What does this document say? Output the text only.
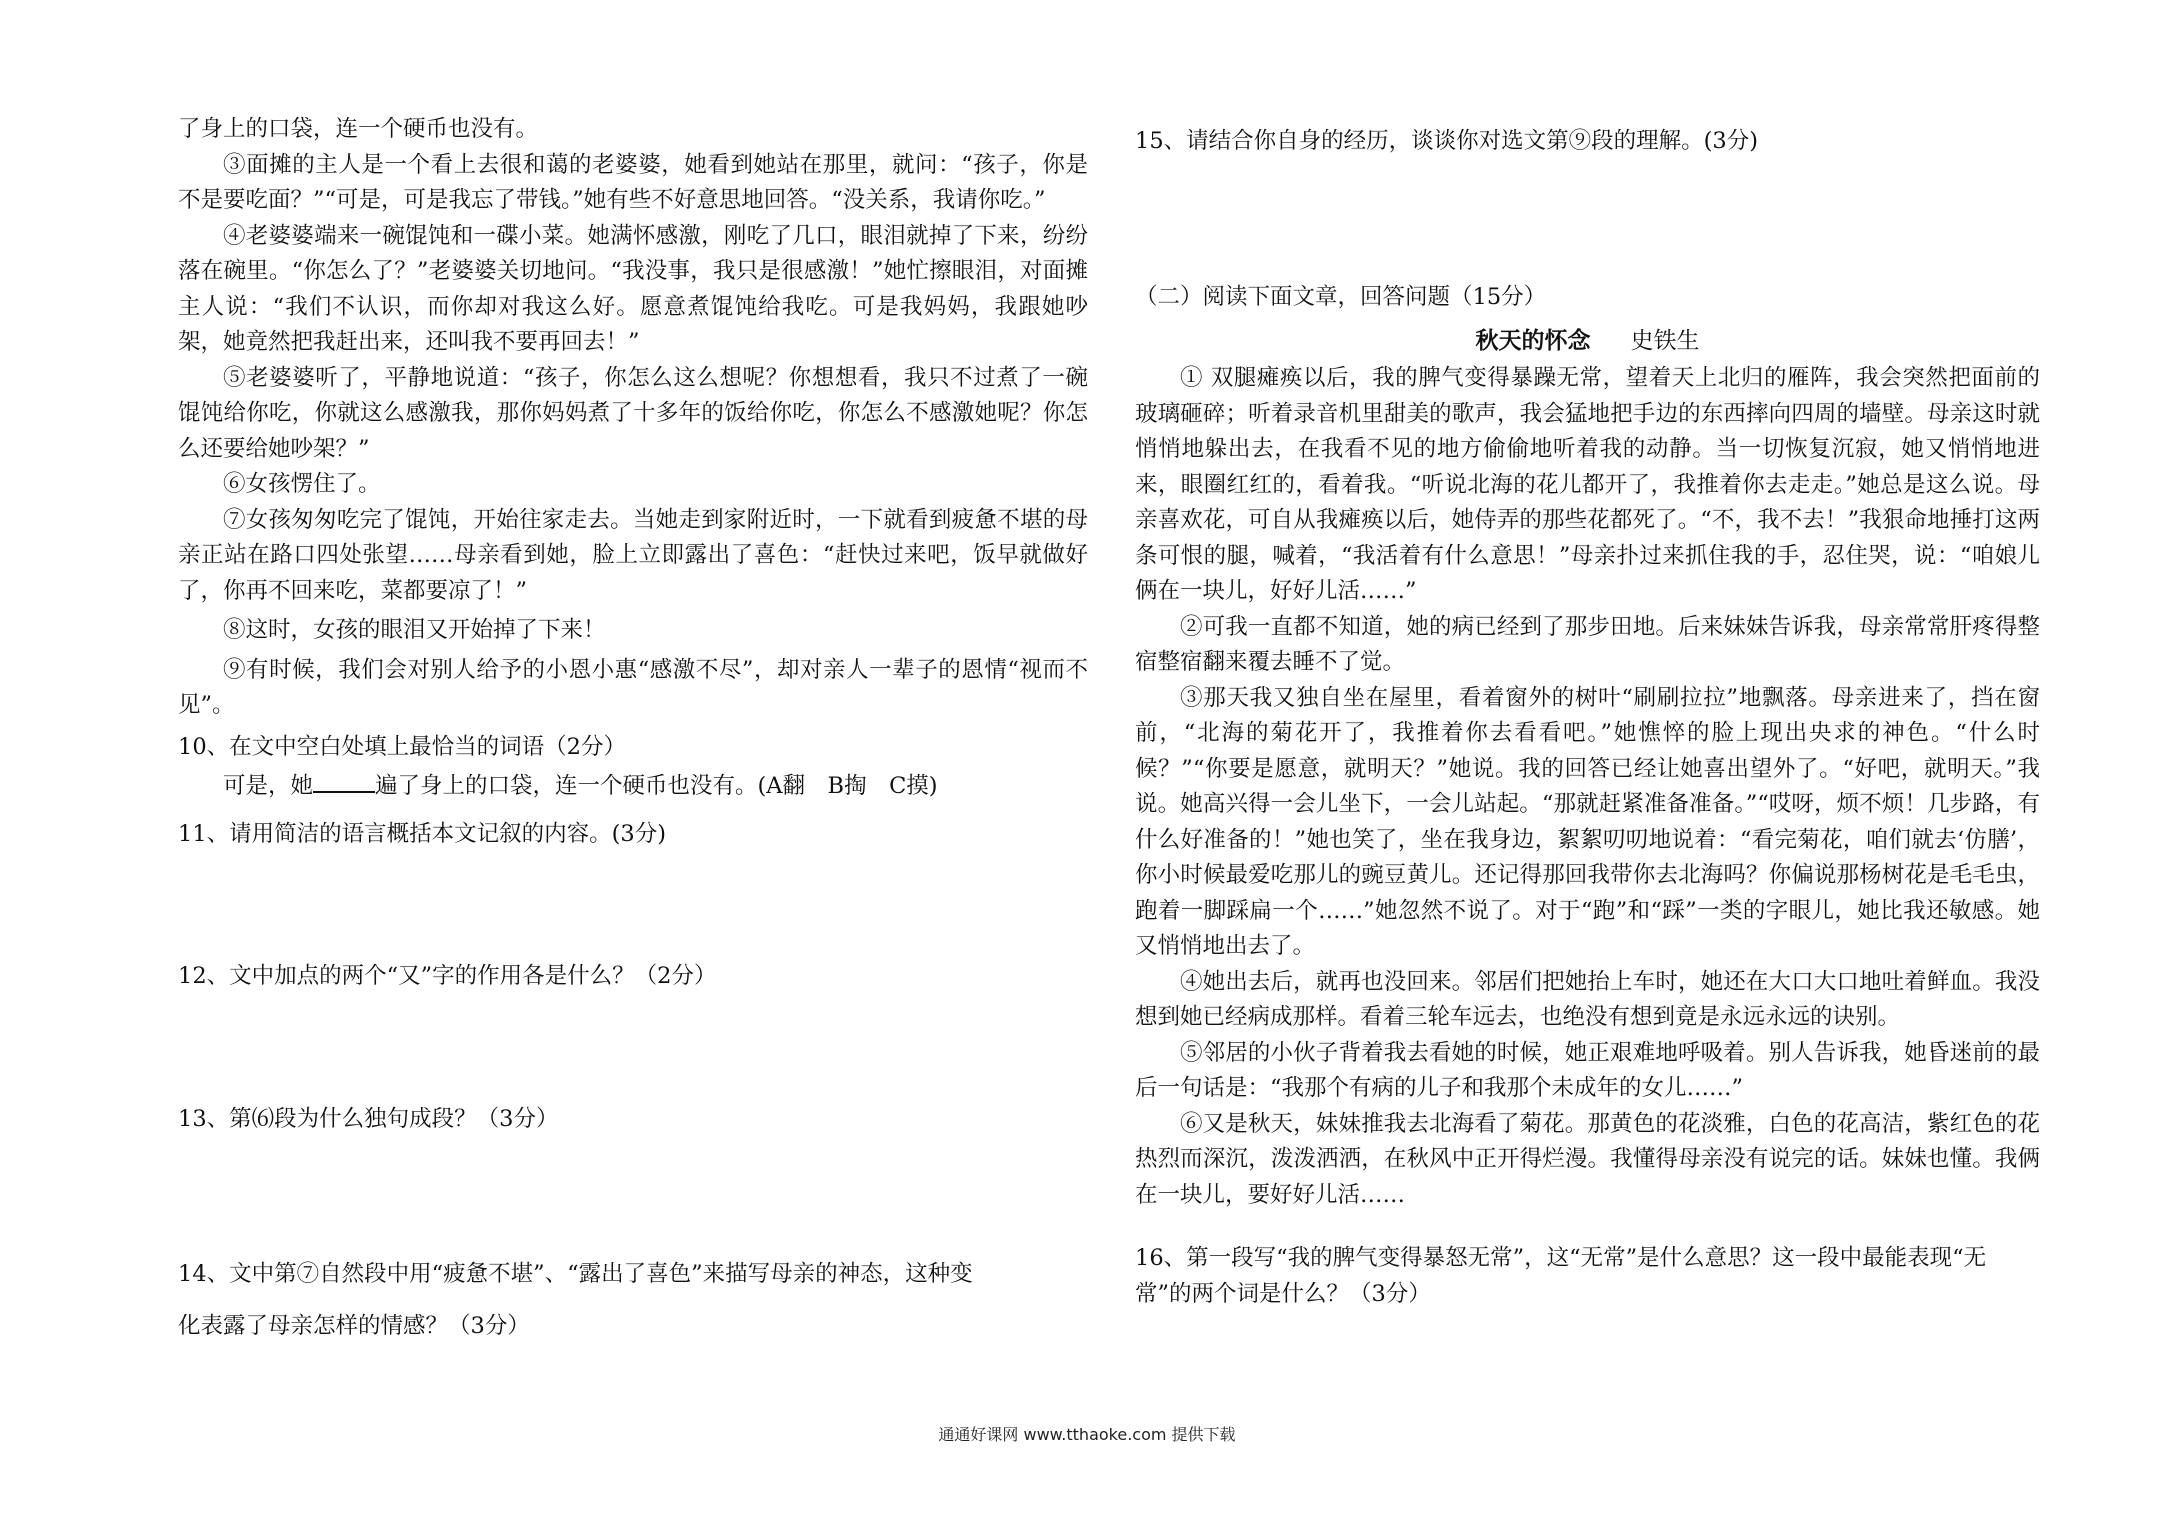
了身上的口袋，连一个硬币也没有。

③面摊的主人是一个看上去很和蔼的老婆婆，她看到她站在那里，就问：“孩子，你是不是要吃面？”“可是，可是我忘了带钱。”她有些不好意思地回答。“没关系，我请你吃。”

④老婆婆端来一碗馄饨和一碟小菜。她满怀感激，刚吃了几口，眼泪就掉了下来，纷纷落在碗里。“你怎么了？”老婆婆关切地问。“我没事，我只是很感激！”她忙擦眼泪，对面摊主人说：“我们不认识，而你却对我这么好。愿意煮馄饨给我吃。可是我妈妈，我跟她吵架，她竟然把我赶出来，还叫我不要再回去！”

⑤老婆婆听了，平静地说道：“孩子，你怎么这么想呢？你想想看，我只不过煮了一碗馄饨给你吃，你就这么感激我，那你妈妈煮了十多年的饭给你吃，你怎么不感激她呢？你怎么还要给她吵架？”

⑥女孩愣住了。

⑦女孩匆匆吃完了馄饨，开始往家走去。当她走到家附近时，一下就看到疲惫不堪的母亲正站在路口四处张望……母亲看到她，脸上立即露出了喜色：“赶快过来吧，饭早就做好了，你再不回来吃，菜都要凉了！”

⑧这时，女孩的眼泪又开始掉了下来！

⑨有时候，我们会对别人给予的小恩小惠“感激不尽”，却对亲人一辈子的恩情“视而不见”。

10、在文中空白处填上最恰当的词语（2分）

可是，她	遍了身上的口袋，连一个硬币也没有。(A翻　B掏　C摸)

11、请用简洁的语言概括本文记叙的内容。(3分)

12、文中加点的两个“又”字的作用各是什么？（2分）

13、第⑹段为什么独句成段？（3分）

14、文中第⑦自然段中用“疲惫不堪”、“露出了喜色”来描写母亲的神态，这种变

化表露了母亲怎样的情感？（3分）

15、请结合你自身的经历，谈谈你对选文第⑨段的理解。(3分)

（二）阅读下面文章，回答问题（15分）

秋天的怀念 史铁生

① 双腿瘫痪以后，我的脾气变得暴躁无常，望着天上北归的雁阵，我会突然把面前的玻璃砸碎；听着录音机里甜美的歌声，我会猛地把手边的东西摔向四周的墙壁。母亲这时就悄悄地躲出去，在我看不见的地方偷偷地听着我的动静。当一切恢复沉寂，她又悄悄地进来，眼圈红红的，看着我。“听说北海的花儿都开了，我推着你去走走。”她总是这么说。母亲喜欢花，可自从我瘫痪以后，她侍弄的那些花都死了。“不，我不去！”我狠命地捶打这两条可恨的腿，喊着，“我活着有什么意思！”母亲扑过来抓住我的手，忍住哭，说：“咱娘儿俩在一块儿，好好儿活……”

②可我一直都不知道，她的病已经到了那步田地。后来妹妹告诉我，母亲常常肝疼得整宿整宿翻来覆去睡不了觉。

③那天我又独自坐在屋里，看着窗外的树叶“刷刷拉拉”地飘落。母亲进来了，挡在窗前，“北海的菊花开了，我推着你去看看吧。”她憔悴的脸上现出央求的神色。“什么时候？”“你要是愿意，就明天？”她说。我的回答已经让她喜出望外了。“好吧，就明天。”我说。她高兴得一会儿坐下，一会儿站起。“那就赶紧准备准备。”“哎呀，烦不烦！几步路，有什么好准备的！”她也笑了，坐在我身边，絮絮叨叨地说着：“看完菊花，咱们就去‘仿膳’，你小时候最爱吃那儿的豌豆黄儿。还记得那回我带你去北海吗？你偏说那杨树花是毛毛虫，跑着一脚踩扁一个……”她忽然不说了。对于“跑”和“踩”一类的字眼儿，她比我还敏感。她又悄悄地出去了。

④她出去后，就再也没回来。邻居们把她抬上车时，她还在大口大口地吐着鲜血。我没想到她已经病成那样。看着三轮车远去，也绝没有想到竟是永远永远的诀别。

⑤邻居的小伙子背着我去看她的时候，她正艰难地呼吸着。别人告诉我，她昏迷前的最后一句话是：“我那个有病的儿子和我那个未成年的女儿……”

⑥又是秋天，妹妹推我去北海看了菊花。那黄色的花淡雅，白色的花高洁，紫红色的花热烈而深沉，泼泼洒洒，在秋风中正开得烂漫。我懂得母亲没有说完的话。妹妹也懂。我俩在一块儿，要好好儿活……

16、第一段写“我的脾气变得暴怒无常”，这“无常”是什么意思？这一段中最能表现“无常”的两个词是什么？（3分）

通通好课网 www.tthaoke.com 提供下载
